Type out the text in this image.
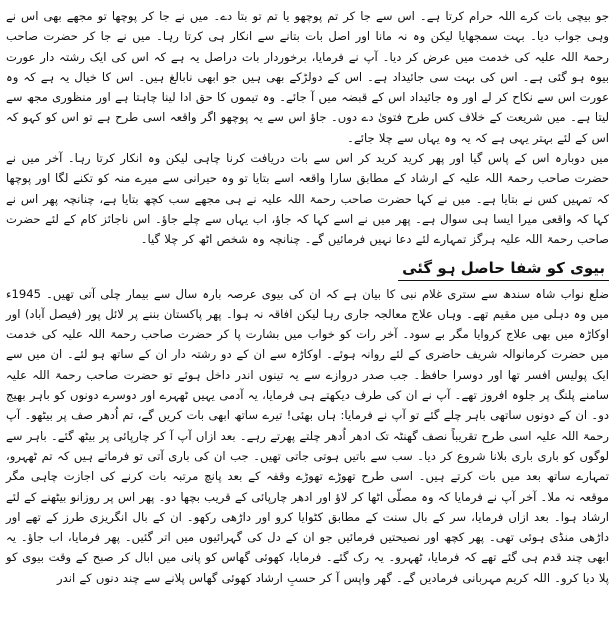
جو بیچی بات کرے اللہ حرام کرتا ہے۔ اس سے جا کر تم پوچھو یا تم تو بتا دے۔ میں نے جا کر پوچھا تو مجھے بھی اس نے وہی جواب دیا۔ بہت سمجھایا لیکن وہ نہ مانا اور اصل بات بتانے سے انکار ہی کرتا رہا۔ میں نے جا کر حضرت صاحب رحمۃ اللہ علیہ کی خدمت میں عرض کر دیا۔ آپ نے فرمایا، برخوردار بات دراصل یہ ہے کہ اس کی ایک رشتہ دار عورت بیوہ ہو گئی ہے۔ اس کی بہت سی جائیداد ہے۔ اس کے دولڑکے بھی ہیں جو ابھی نابالغ ہیں۔ اس کا خیال یہ ہے کہ وہ عورت اس سے نکاح کر لے اور وہ جائیداد اس کے قبضہ میں آ جائے۔ وہ تیموں کا حق ادا لینا چاہتا ہے اور منظوری مجھ سے لیتا ہے۔ میں شریعت کے خلاف کس طرح فتویٰ دے دوں۔ جاؤ اس سے یہ پوچھو اگر واقعہ اسی طرح ہے تو اس کو کہو کہ اس کے لئے بہتر یہی ہے کہ یہ وہ یہاں سے چلا جائے۔

میں دوبارہ اس کے پاس گیا اور پھر کرید کرید کر اس سے بات دریافت کرنا چاہی لیکن وہ انکار کرتا رہا۔ آخر میں نے حضرت صاحب رحمۃ اللہ علیہ کے ارشاد کے مطابق سارا واقعہ اسے بتایا تو وہ حیرانی سے میرے منہ کو تکنے لگا اور پوچھا کہ تمہیں کس نے بتایا ہے۔ میں نے کہا حضرت صاحب رحمۃ اللہ علیہ نے ہی مجھے سب کچھ بتایا ہے، چنانچہ پھر اس نے کہا کہ واقعی میرا ایسا ہی سوال ہے۔ پھر میں نے اسے کہا کہ جاؤ، اب یہاں سے چلے جاؤ۔ اس ناجائز کام کے لئے حضرت صاحب رحمۃ اللہ علیہ ہرگز تمہارے لئے دعا نہیں فرمائیں گے۔ چنانچہ وہ شخص اٹھ کر چلا گیا۔

بیوی کو شفا حاصل ہو گئی

ضلع نواب شاہ سندھ سے ستری غلام نبی کا بیان ہے کہ ان کی بیوی عرصہ بارہ سال سے بیمار چلی آتی تھیں۔ 1945ء میں وہ دہلی میں مقیم تھے۔ وہاں علاج معالجہ جاری رہا لیکن افاقہ نہ ہوا۔ پھر پاکستان بننے پر لائل پور (فیصل آباد) اور اوکاڑہ میں بھی علاج کروایا مگر بے سود۔ آخر رات کو خواب میں بشارت پا کر حضرت صاحب رحمۃ اللہ علیہ کی خدمت میں حضرت کرمانوالہ شریف حاضری کے لئے روانہ ہوئے۔ اوکاڑہ سے ان کے دو رشتہ دار ان کے ساتھ ہو لئے۔ ان میں سے ایک پولیس افسر تھا اور دوسرا حافظ۔ جب صدر دروازے سے یہ تینوں اندر داخل ہوئے تو حضرت صاحب رحمۃ اللہ علیہ سامنے پلنگ پر جلوہ افروز تھے۔ آپ نے ان کی طرف دیکھتے ہی فرمایا، یہ آدمی یہیں ٹھہرے اور دوسرے دونوں کو باہر بھیج دو۔ ان کے دونوں ساتھی باہر چلے گئے تو آپ نے فرمایا: ہاں بھئی! تیرے ساتھ ابھی بات کریں گے، تم اُدھر صف پر بیٹھو۔ آپ رحمۃ اللہ علیہ اسی طرح تقریباً نصف گھنٹہ تک ادھر اُدھر چلتے پھرتے رہے۔ بعد ازاں آپ آ کر چارپائی پر بیٹھ گئے۔ باہر سے لوگوں کو باری باری بلانا شروع کر دیا۔ سب سے باتیں ہوتی جاتی تھیں۔ جب ان کی باری آتی تو فرماتے ہیں کہ تم ٹھہرو، تمہارے ساتھ بعد میں بات کرتے ہیں۔ اسی طرح تھوڑے تھوڑے وقفہ کے بعد پانچ مرتبہ بات کرنے کی اجازت چاہی مگر موقعہ نہ ملا۔ آخر آپ نے فرمایا کہ وہ مصلّی اٹھا کر لاؤ اور ادھر چارپائی کے قریب بچھا دو۔ پھر اس پر روزانو بیٹھنے کے لئے ارشاد ہوا۔ بعد ازاں فرمایا، سر کے بال سنت کے مطابق کٹوایا کرو اور داڑھی رکھو۔ ان کے بال انگریزی طرز کے تھے اور داڑھی منڈی ہوئی تھی۔ پھر کچھ اور نصیحتیں فرمائیں جو ان کے دل کی گہرائیوں میں اتر گئیں۔ پھر فرمایا، اب جاؤ۔ یہ ابھی چند قدم ہی گئے تھے کہ فرمایا، ٹھہرو۔ یہ رک گئے۔ فرمایا، کھوئی گھاس کو پانی میں ابال کر صبح کے وقت بیوی کو پلا دیا کرو۔ اللہ کریم مہربانی فرمادیں گے۔ گھر واپس آ کر حسبِ ارشاد کھوئی گھاس پلانے سے چند دنوں کے اندر
